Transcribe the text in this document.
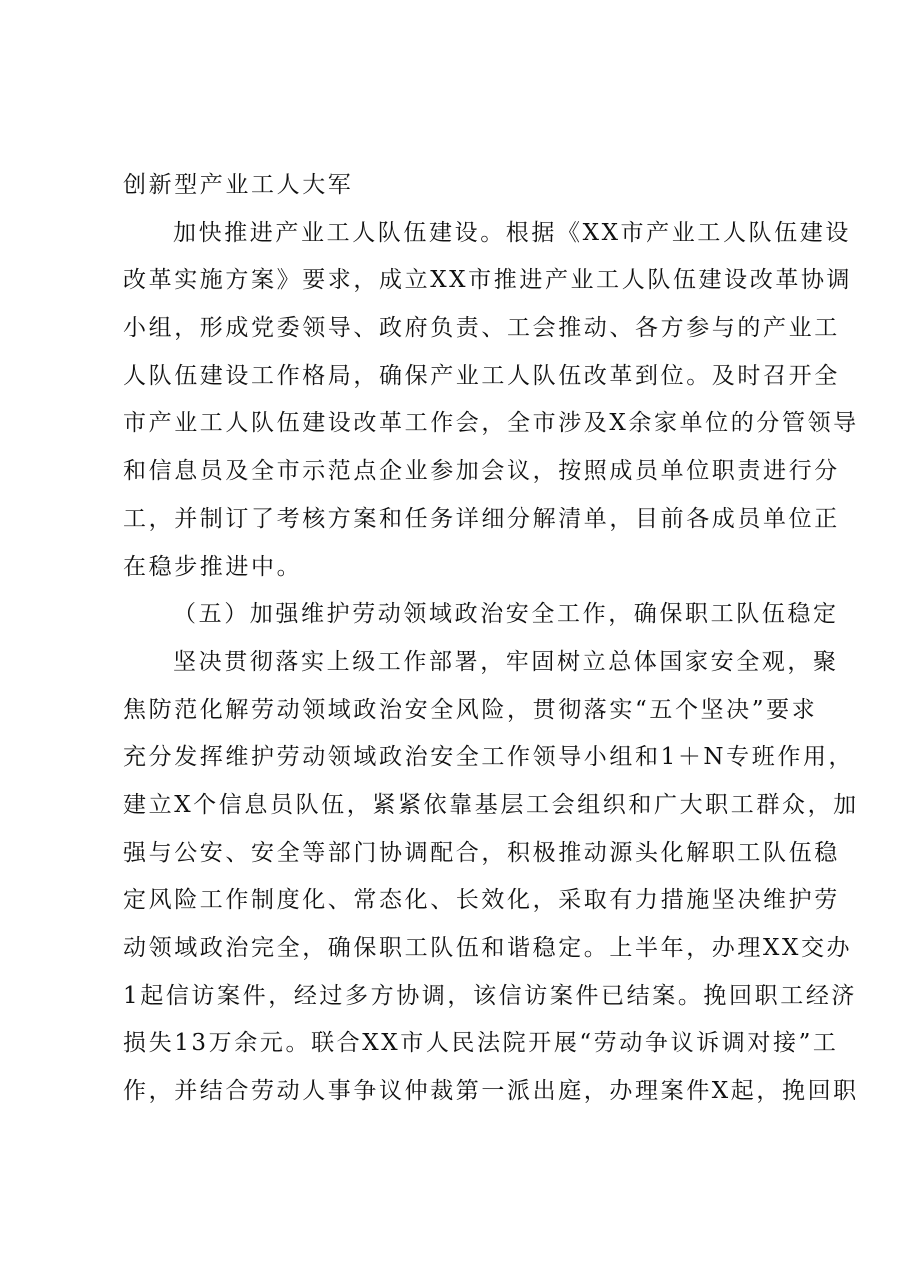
创新型产业工人大军
加快推进产业工人队伍建设。根据《XX市产业工人队伍建设
改革实施方案》要求，成立XX市推进产业工人队伍建设改革协调
小组，形成党委领导、政府负责、工会推动、各方参与的产业工
人队伍建设工作格局，确保产业工人队伍改革到位。及时召开全
市产业工人队伍建设改革工作会，全市涉及X余家单位的分管领导
和信息员及全市示范点企业参加会议，按照成员单位职责进行分
工，并制订了考核方案和任务详细分解清单，目前各成员单位正
在稳步推进中。
（五）加强维护劳动领域政治安全工作，确保职工队伍稳定
坚决贯彻落实上级工作部署，牢固树立总体国家安全观，聚
焦防范化解劳动领域政治安全风险，贯彻落实“五个坚决”要求
充分发挥维护劳动领域政治安全工作领导小组和1＋N专班作用，
建立X个信息员队伍，紧紧依靠基层工会组织和广大职工群众，加
强与公安、安全等部门协调配合，积极推动源头化解职工队伍稳
定风险工作制度化、常态化、长效化，采取有力措施坚决维护劳
动领域政治完全，确保职工队伍和谐稳定。上半年，办理XX交办
1起信访案件，经过多方协调，该信访案件已结案。挽回职工经济
损失13万余元。联合XX市人民法院开展“劳动争议诉调对接”工
作，并结合劳动人事争议仲裁第一派出庭，办理案件X起，挽回职
